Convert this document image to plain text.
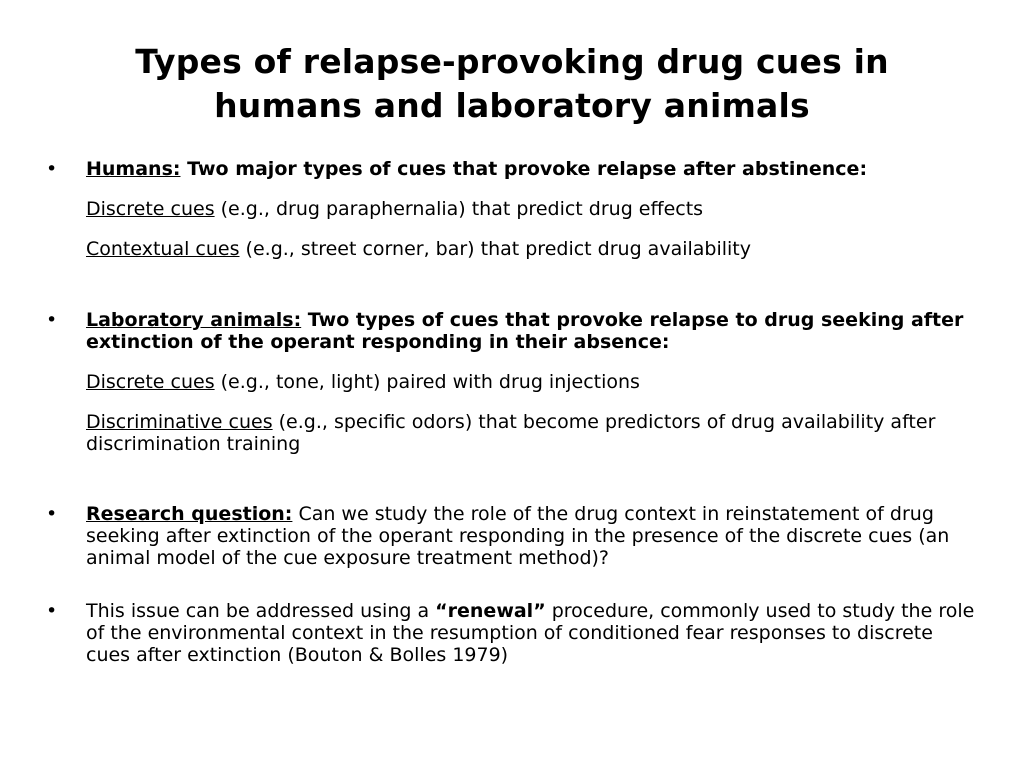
Types of relapse-provoking drug cues in
humans and laboratory animals
•	Humans: Two major types of cues that provoke relapse after abstinence:

Discrete cues (e.g., drug paraphernalia) that predict drug effects

Contextual cues (e.g., street corner, bar) that predict drug availability

•	Laboratory animals: Two types of cues that provoke relapse to drug seeking after extinction of the operant responding in their absence:

Discrete cues (e.g., tone, light) paired with drug injections

Discriminative cues (e.g., specific odors) that become predictors of drug availability after discrimination training

•	Research question: Can we study the role of the drug context in reinstatement of drug seeking after extinction of the operant responding in the presence of the discrete cues (an animal model of the cue exposure treatment method)?

•	This issue can be addressed using a “renewal” procedure, commonly used to study the role of the environmental context in the resumption of conditioned fear responses to discrete cues after extinction (Bouton & Bolles 1979)
